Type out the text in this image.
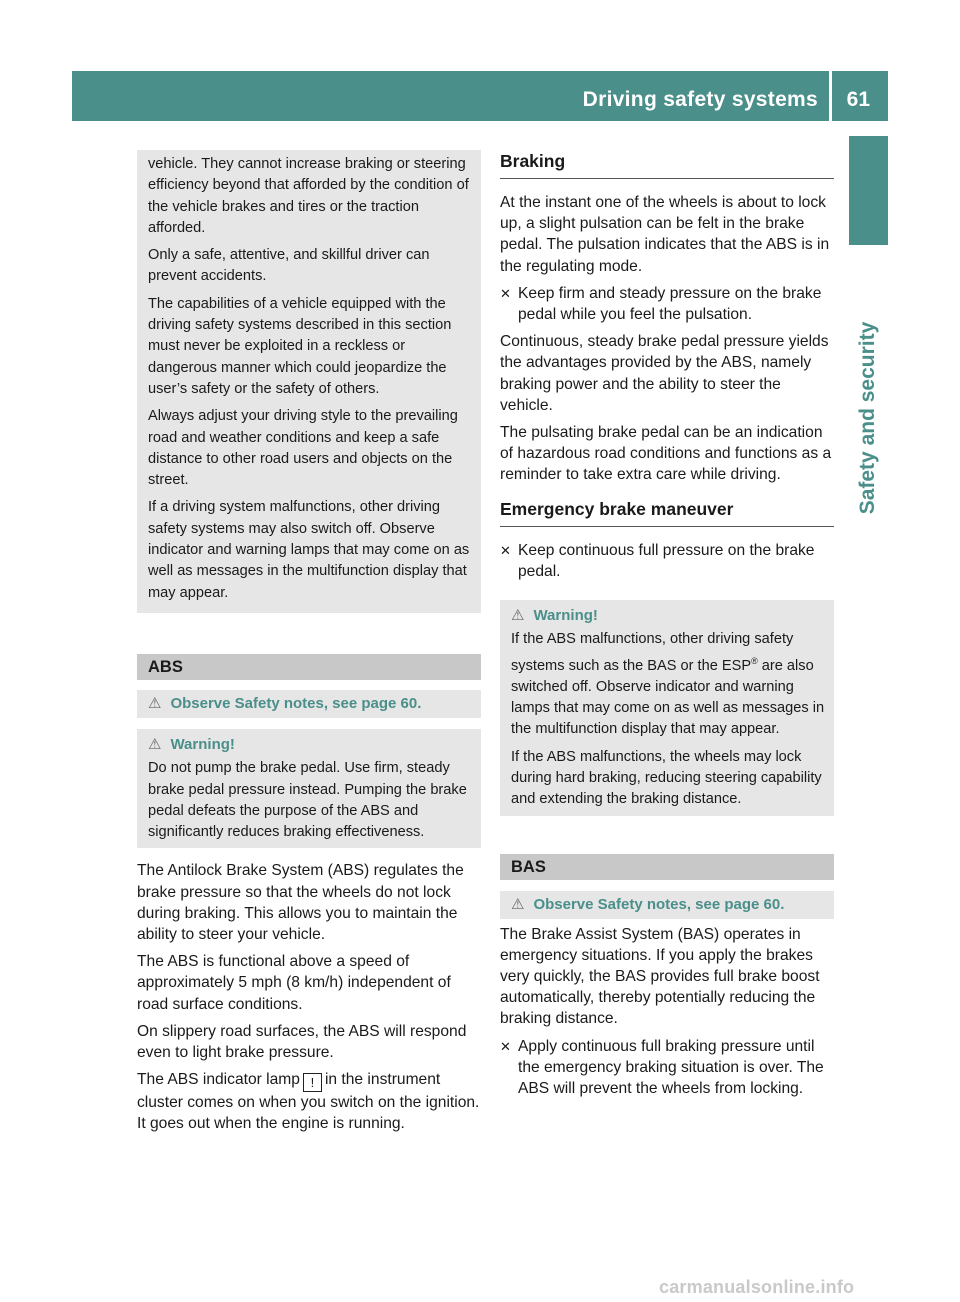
Driving safety systems 61
Safety and security

vehicle. They cannot increase braking or steering efficiency beyond that afforded by the condition of the vehicle brakes and tires or the traction afforded.

Only a safe, attentive, and skillful driver can prevent accidents.

The capabilities of a vehicle equipped with the driving safety systems described in this section must never be exploited in a reckless or dangerous manner which could jeopardize the user’s safety or the safety of others.

Always adjust your driving style to the prevailing road and weather conditions and keep a safe distance to other road users and objects on the street.

If a driving system malfunctions, other driving safety systems may also switch off. Observe indicator and warning lamps that may come on as well as messages in the multifunction display that may appear.

ABS
⚠ Observe Safety notes, see page 60.
⚠ Warning!

Do not pump the brake pedal. Use firm, steady brake pedal pressure instead. Pumping the brake pedal defeats the purpose of the ABS and significantly reduces braking effectiveness.

The Antilock Brake System (ABS) regulates the brake pressure so that the wheels do not lock during braking. This allows you to maintain the ability to steer your vehicle.

The ABS is functional above a speed of approximately 5 mph (8 km/h) independent of road surface conditions.

On slippery road surfaces, the ABS will respond even to light brake pressure.

The ABS indicator lamp ! in the instrument cluster comes on when you switch on the ignition. It goes out when the engine is running.

Braking

At the instant one of the wheels is about to lock up, a slight pulsation can be felt in the brake pedal. The pulsation indicates that the ABS is in the regulating mode.

✕ Keep firm and steady pressure on the brake pedal while you feel the pulsation.

Continuous, steady brake pedal pressure yields the advantages provided by the ABS, namely braking power and the ability to steer the vehicle.

The pulsating brake pedal can be an indication of hazardous road conditions and functions as a reminder to take extra care while driving.

Emergency brake maneuver

✕ Keep continuous full pressure on the brake pedal.

⚠ Warning!

If the ABS malfunctions, other driving safety systems such as the BAS or the ESP® are also switched off. Observe indicator and warning lamps that may come on as well as messages in the multifunction display that may appear.

If the ABS malfunctions, the wheels may lock during hard braking, reducing steering capability and extending the braking distance.

BAS
⚠ Observe Safety notes, see page 60.

The Brake Assist System (BAS) operates in emergency situations. If you apply the brakes very quickly, the BAS provides full brake boost automatically, thereby potentially reducing the braking distance.

✕ Apply continuous full braking pressure until the emergency braking situation is over. The ABS will prevent the wheels from locking.

carmanualsonline.info
